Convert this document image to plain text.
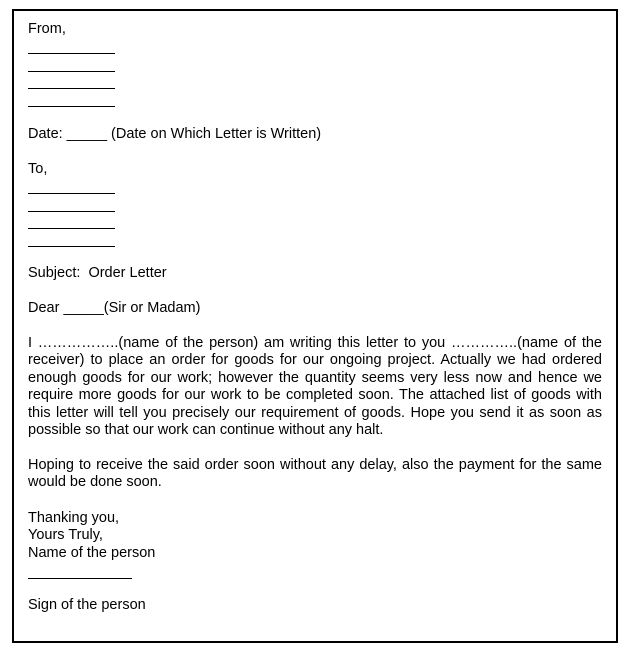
From,
Date: _____ (Date on Which Letter is Written)
To,
Subject:  Order Letter
Dear _____(Sir or Madam)
I ……………..(name of the person) am writing this letter to you …………..(name of the receiver) to place an order for goods for our ongoing project. Actually we had ordered enough goods for our work; however the quantity seems very less now and hence we require more goods for our work to be completed soon. The attached list of goods with this letter will tell you precisely our requirement of goods. Hope you send it as soon as possible so that our work can continue without any halt.
Hoping to receive the said order soon without any delay, also the payment for the same would be done soon.
Thanking you,
Yours Truly,
Name of the person
Sign of the person
